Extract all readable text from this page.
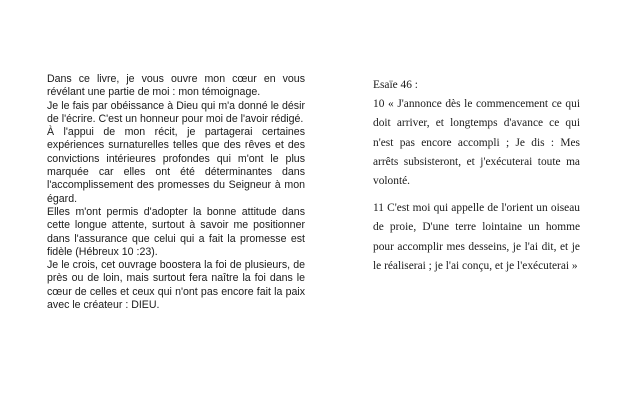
Dans ce livre, je vous ouvre mon cœur en vous révélant une partie de moi : mon témoignage.

Je le fais par obéissance à Dieu qui m'a donné le désir de l'écrire. C'est un honneur pour moi de l'avoir rédigé.

À l'appui de mon récit, je partagerai certaines expériences surnaturelles telles que des rêves et des convictions intérieures profondes qui m'ont le plus marquée car elles ont été déterminantes dans l'accomplissement des promesses du Seigneur à mon égard.

Elles m'ont permis d'adopter la bonne attitude dans cette longue attente, surtout à savoir me positionner dans l'assurance que celui qui a fait la promesse est fidèle (Hébreux 10 :23).

Je le crois, cet ouvrage boostera la foi de plusieurs, de près ou de loin, mais surtout fera naître la foi dans le cœur de celles et ceux qui n'ont pas encore fait la paix avec le créateur : DIEU.

Esaïe 46 :

10 « J'annonce dès le commencement ce qui doit arriver, et longtemps d'avance ce qui n'est pas encore accompli ; Je dis : Mes arrêts subsisteront, et j'exécuterai toute ma volonté.

11 C'est moi qui appelle de l'orient un oiseau de proie, D'une terre lointaine un homme pour accomplir mes desseins, je l'ai dit, et je le réaliserai ; je l'ai conçu, et je l'exécuterai »
